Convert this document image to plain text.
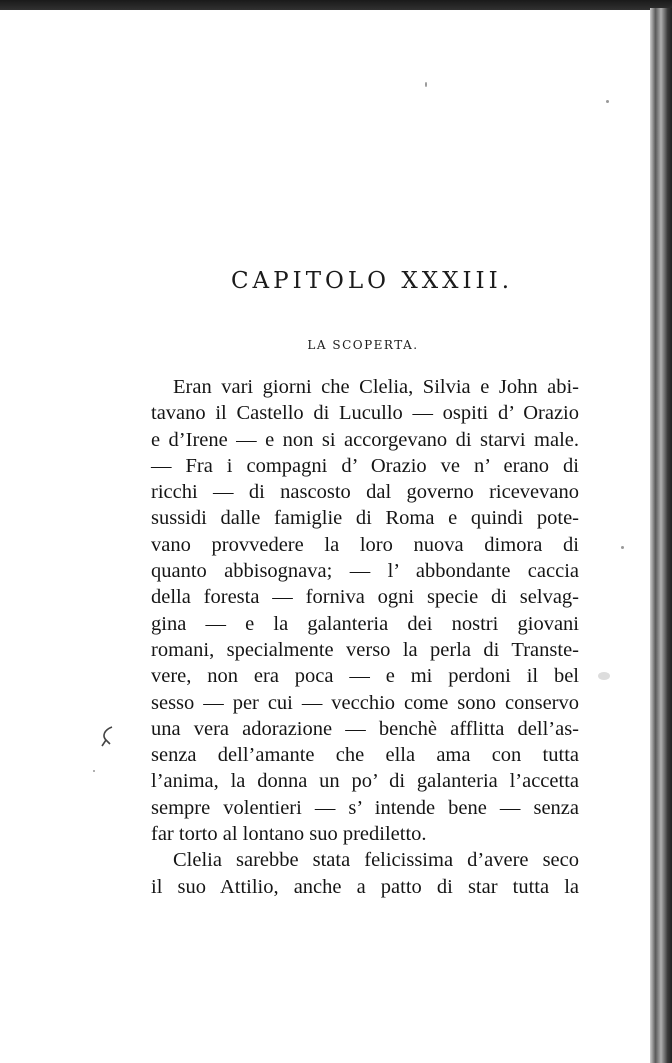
CAPITOLO XXXIII.
LA SCOPERTA.
Eran vari giorni che Clelia, Silvia e John abi-
tavano il Castello di Lucullo — ospiti d’ Orazio
e d’Irene — e non si accorgevano di starvi male.
— Fra i compagni d’ Orazio ve n’ erano di
ricchi — di nascosto dal governo ricevevano
sussidi dalle famiglie di Roma e quindi pote-
vano provvedere la loro nuova dimora di
quanto abbisognava; — l’ abbondante caccia
della foresta — forniva ogni specie di selvag-
gina — e la galanteria dei nostri giovani
romani, specialmente verso la perla di Transte-
vere, non era poca — e mi perdoni il bel
sesso — per cui — vecchio come sono conservo
una vera adorazione — benchè afflitta dell’as-
senza dell’amante che ella ama con tutta
l’anima, la donna un po’ di galanteria l’accetta
sempre volentieri — s’ intende bene — senza
far torto al lontano suo prediletto.
Clelia sarebbe stata felicissima d’avere seco
il suo Attilio, anche a patto di star tutta la
